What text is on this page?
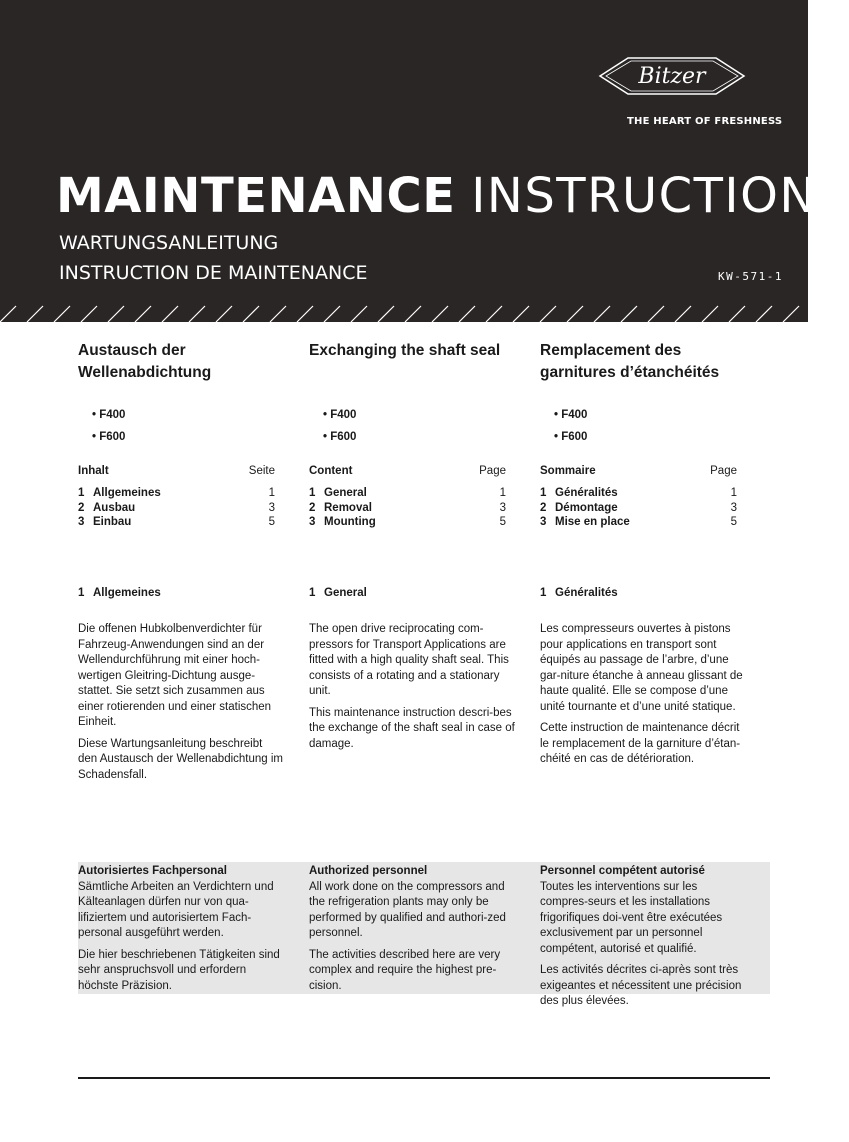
Bitzer
THE HEART OF FRESHNESS
MAINTENANCE INSTRUCTIONS
WARTUNGSANLEITUNG
INSTRUCTION DE MAINTENANCE	KW-571-1
Austausch der Wellenabdichtung
• F400
• F600
Inhalt	Seite
1 Allgemeines	1
2 Ausbau	3
3 Einbau	5
1 Allgemeines

Die offenen Hubkolbenverdichter für Fahrzeug-Anwendungen sind an der Wellendurchführung mit einer hoch-wertigen Gleitring-Dichtung ausge-stattet. Sie setzt sich zusammen aus einer rotierenden und einer statischen Einheit.

Diese Wartungsanleitung beschreibt den Austausch der Wellenabdichtung im Schadensfall.

Exchanging the shaft seal
• F400
• F600
Content	Page
1 General	1
2 Removal	3
3 Mounting	5
1 General

The open drive reciprocating com-pressors for Transport Applications are fitted with a high quality shaft seal. This consists of a rotating and a stationary unit.

This maintenance instruction descri-bes the exchange of the shaft seal in case of damage.

Remplacement des garnitures d’étanchéités
• F400
• F600
Sommaire	Page
1 Généralités	1
2 Démontage	3
3 Mise en place	5
1 Généralités

Les compresseurs ouvertes à pistons pour applications en transport sont équipés au passage de l’arbre, d’une gar-niture étanche à anneau glissant de haute qualité. Elle se compose d’une unité tournante et d’une unité statique.

Cette instruction de maintenance décrit le remplacement de la garniture d’étan-chéité en cas de détérioration.

Autorisiertes Fachpersonal

Sämtliche Arbeiten an Verdichtern und Kälteanlagen dürfen nur von qua-lifiziertem und autorisiertem Fach-personal ausgeführt werden.

Die hier beschriebenen Tätigkeiten sind sehr anspruchsvoll und erfordern höchste Präzision.

Authorized personnel

All work done on the compressors and the refrigeration plants may only be performed by qualified and authori-zed personnel.

The activities described here are very complex and require the highest pre-cision.

Personnel compétent autorisé

Toutes les interventions sur les compres-seurs et les installations frigorifiques doi-vent être exécutées exclusivement par un personnel compétent, autorisé et qualifié.

Les activités décrites ci-après sont très exigeantes et nécessitent une précision des plus élevées.
